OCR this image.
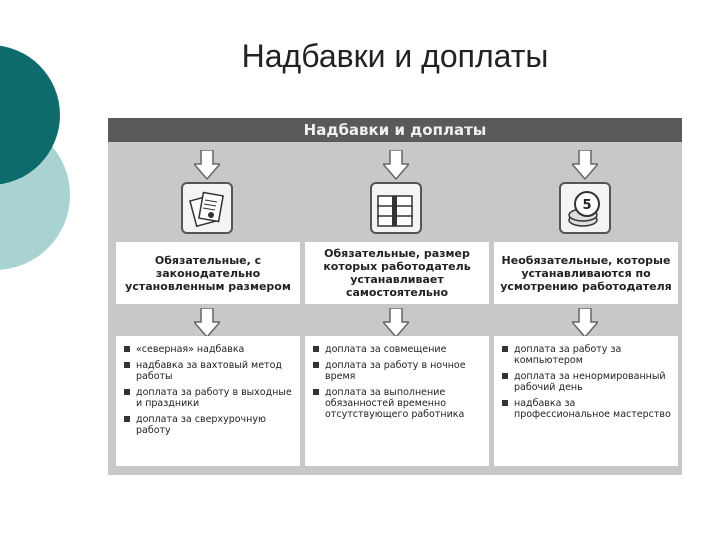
Надбавки и доплаты
Надбавки и доплаты
Обязательные, с законодательно установленным размером
«северная» надбавка
надбавка за вахтовый метод работы
доплата за работу в выходные и праздники
доплата за сверхурочную работу
Обязательные, размер которых работодатель устанавливает самостоятельно
доплата за совмещение
доплата за работу в ночное время
доплата за выполнение обязанностей временно отсутствующего работника
5
Необязательные, которые устанавливаются по усмотрению работодателя
доплата за работу за компьютером
доплата за ненормированный рабочий день
надбавка за профессиональное мастерство
